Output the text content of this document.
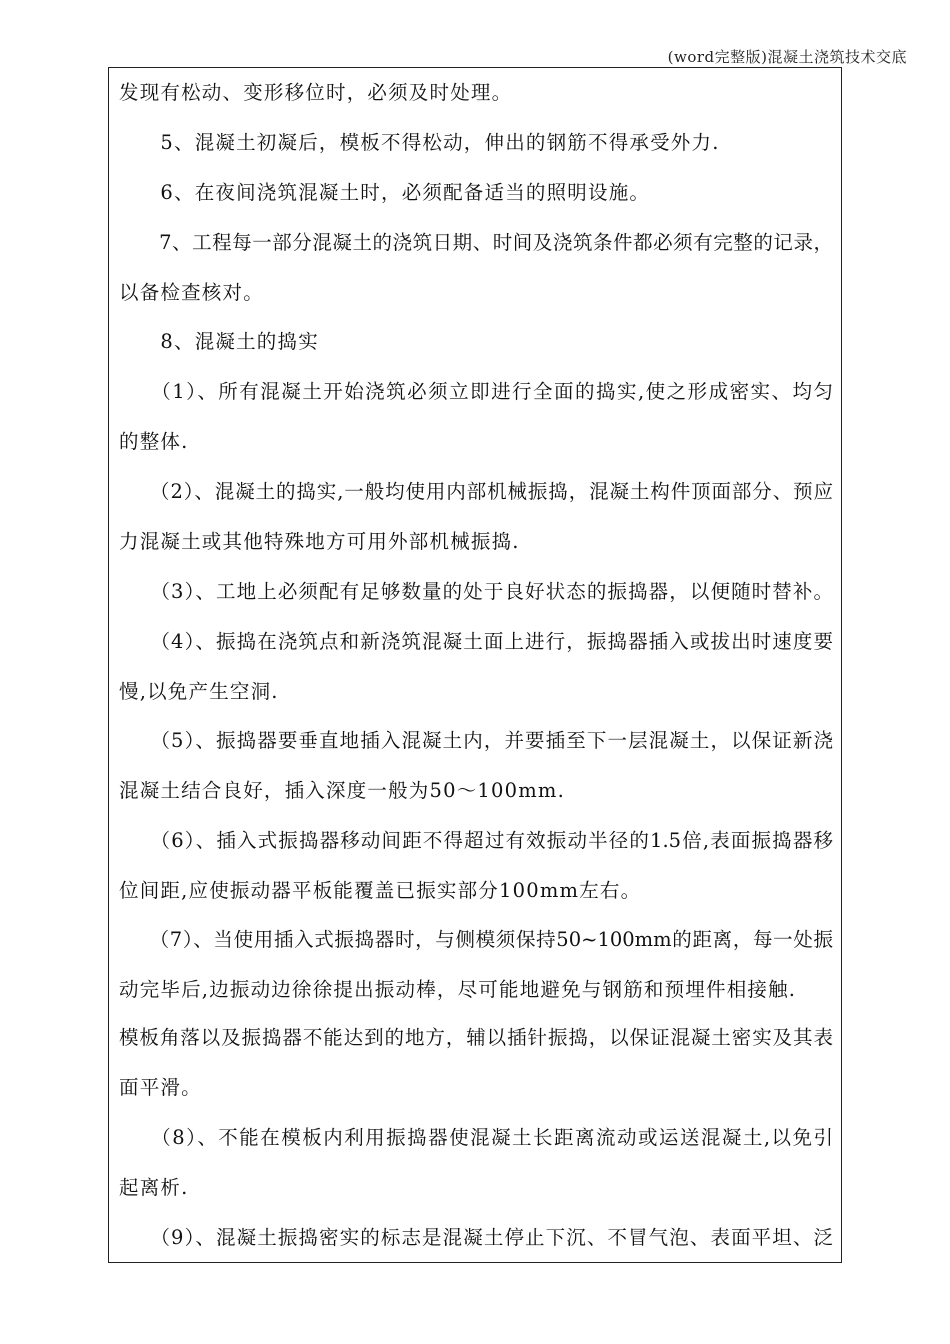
(word完整版)混凝土浇筑技术交底
发现有松动、变形移位时，必须及时处理。
　　5、混凝土初凝后，模板不得松动，伸出的钢筋不得承受外力.
　　6、在夜间浇筑混凝土时，必须配备适当的照明设施。
　　7、工程每一部分混凝土的浇筑日期、时间及浇筑条件都必须有完整的记录，
以备检查核对。
　　8、混凝土的捣实
　　（1）、所有混凝土开始浇筑必须立即进行全面的捣实,使之形成密实、均匀
的整体.
　　（2）、混凝土的捣实,一般均使用内部机械振捣，混凝土构件顶面部分、预应
力混凝土或其他特殊地方可用外部机械振捣.
　　（3）、工地上必须配有足够数量的处于良好状态的振捣器，以便随时替补。
　　（4）、振捣在浇筑点和新浇筑混凝土面上进行，振捣器插入或拔出时速度要
慢,以免产生空洞.
　　（5）、振捣器要垂直地插入混凝土内，并要插至下一层混凝土，以保证新浇
混凝土结合良好，插入深度一般为50～100mm.
　　（6）、插入式振捣器移动间距不得超过有效振动半径的1.5倍,表面振捣器移
位间距,应使振动器平板能覆盖已振实部分100mm左右。
　　（7）、当使用插入式振捣器时，与侧模须保持50~100mm的距离，每一处振
动完毕后,边振动边徐徐提出振动棒，尽可能地避免与钢筋和预埋件相接触.
模板角落以及振捣器不能达到的地方，辅以插针振捣，以保证混凝土密实及其表
面平滑。
　　（8）、不能在模板内利用振捣器使混凝土长距离流动或运送混凝土,以免引
起离析.
　　（9）、混凝土振捣密实的标志是混凝土停止下沉、不冒气泡、表面平坦、泛
